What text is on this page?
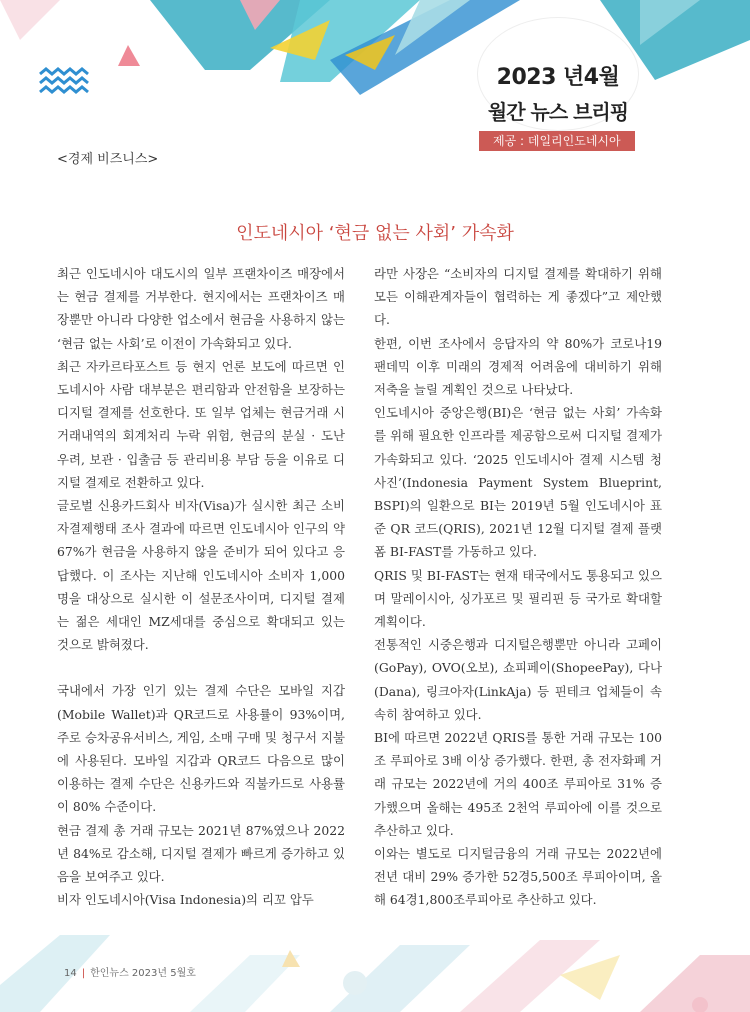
2023 년4월
월간 뉴스 브리핑
제공 : 데일리인도네시아
<경제 비즈니스>
인도네시아 ‘현금 없는 사회’ 가속화

최근 인도네시아 대도시의 일부 프랜차이즈 매장에서는 현금 결제를 거부한다. 현지에서는 프랜차이즈 매장뿐만 아니라 다양한 업소에서 현금을 사용하지 않는 ‘현금 없는 사회’로 이전이 가속화되고 있다.

최근 자카르타포스트 등 현지 언론 보도에 따르면 인도네시아 사람 대부분은 편리함과 안전함을 보장하는 디지털 결제를 선호한다. 또 일부 업체는 현금거래 시 거래내역의 회계처리 누락 위험, 현금의 분실 · 도난 우려, 보관 · 입출금 등 관리비용 부담 등을 이유로 디지털 결제로 전환하고 있다.

글로벌 신용카드회사 비자(Visa)가 실시한 최근 소비자결제행태 조사 결과에 따르면 인도네시아 인구의 약 67%가 현금을 사용하지 않을 준비가 되어 있다고 응답했다. 이 조사는 지난해 인도네시아 소비자 1,000명을 대상으로 실시한 이 설문조사이며, 디지털 결제는 젊은 세대인 MZ세대를 중심으로 확대되고 있는 것으로 밝혀졌다.

국내에서 가장 인기 있는 결제 수단은 모바일 지갑(Mobile Wallet)과 QR코드로 사용률이 93%이며, 주로 승차공유서비스, 게임, 소매 구매 및 청구서 지불에 사용된다. 모바일 지갑과 QR코드 다음으로 많이 이용하는 결제 수단은 신용카드와 직불카드로 사용률이 80% 수준이다.

현금 결제 총 거래 규모는 2021년 87%였으나 2022년 84%로 감소해, 디지털 결제가 빠르게 증가하고 있음을 보여주고 있다.

비자 인도네시아(Visa Indonesia)의 리꼬 압두

라만 사장은 “소비자의 디지털 결제를 확대하기 위해 모든 이해관계자들이 협력하는 게 좋겠다”고 제안했다.

한편, 이번 조사에서 응답자의 약 80%가 코로나19 팬데믹 이후 미래의 경제적 어려움에 대비하기 위해 저축을 늘릴 계획인 것으로 나타났다.

인도네시아 중앙은행(BI)은 ‘현금 없는 사회’ 가속화를 위해 필요한 인프라를 제공함으로써 디지털 결제가 가속화되고 있다. ‘2025 인도네시아 결제 시스템 청사진’(Indonesia Payment System Blueprint, BSPI)의 일환으로 BI는 2019년 5월 인도네시아 표준 QR 코드(QRIS), 2021년 12월 디지털 결제 플랫폼 BI-FAST를 가동하고 있다.

QRIS 및 BI-FAST는 현재 태국에서도 통용되고 있으며 말레이시아, 싱가포르 및 필리핀 등 국가로 확대할 계획이다.

전통적인 시중은행과 디지털은행뿐만 아니라 고페이(GoPay), OVO(오보), 쇼피페이(ShopeePay), 다나(Dana), 링크아자(LinkAja) 등 핀테크 업체들이 속속히 참여하고 있다.

BI에 따르면 2022년 QRIS를 통한 거래 규모는 100조 루피아로 3배 이상 증가했다. 한편, 총 전자화폐 거래 규모는 2022년에 거의 400조 루피아로 31% 증가했으며 올해는 495조 2천억 루피아에 이를 것으로 추산하고 있다.

이와는 별도로 디지털금융의 거래 규모는 2022년에 전년 대비 29% 증가한 52경5,500조 루피아이며, 올해 64경1,800조루피아로 추산하고 있다.

14 | 한인뉴스 2023년 5월호
